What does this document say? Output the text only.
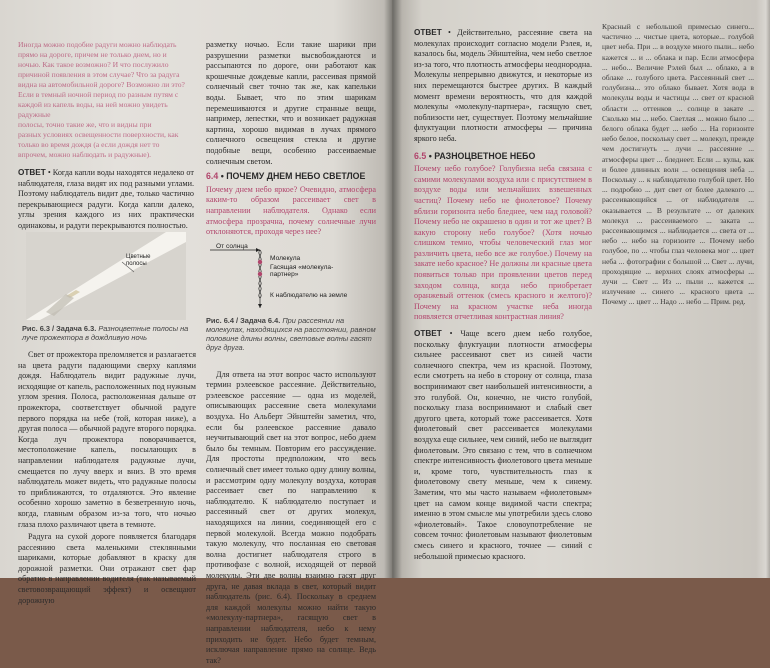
Иногда можно подобие радуги можно наблюдать
прямо на дороге, причем не только днем, но и
ночью. Как такое возможно? И что послужило
причиной появления в этом случае? Что за радуга
видна на автомобильной дороге? Возможно ли это?
Если в темный ночной период по разным путям с
каждой из капель воды, на ней можно увидеть радужные
полосы, точно такие же, что и видны при
разных условиях освещенности поверхности, как
только во время дождя (а если дождя нет то
впрочем, можно наблюдать и радужные).
ОТВЕТ • Когда капли воды находятся недалеко от наблюдателя, глаза видят их под разными углами. Поэтому наблюдатель видит две, только частично перекрывающиеся радуги. Когда капли далеко, углы зрения каждого из них практически одинаковы, и радуги перекрываются полностью.
Цветные полосы
Рис. 6.3 / Задача 6.3. Разноцветные полосы на луче прожектора в дождливую ночь
Свет от прожектора преломляется и разлагается на цвета радуги падающими сверху каплями дождя. Наблюдатель видит радужные лучи, исходящие от капель, расположенных под нужным углом зрения. Полоса, расположенная дальше от прожектора, соответствует обычной радуге первого порядка на небе (той, которая ниже), а другая полоса — обычной радуге второго порядка. Когда луч прожектора поворачивается, местоположение капель, посылающих в направлении наблюдателя радужные лучи, смещается по лучу вверх и вниз. В это время наблюдатель может видеть, что радужные полосы то приближаются, то отдаляются. Это явление особенно хорошо заметно в безветренную ночь, когда, главным образом из-за того, что ночью глаза плохо различают цвета в темноте.
Радуга на сухой дороге появляется благодаря рассеянию света маленькими стеклянными шариками, которые добавляют в краску для дорожной разметки. Они отражают свет фар обратно в направлении водителя (так называемый световозвращающий эффект) и освещают дорожную
разметку ночью. Если такие шарики при разрушении разметки высвобождаются и рассыпаются по дороге, они работают как крошечные дождевые капли, рассеивая прямой солнечный свет точно так же, как капельки воды. Бывает, что по этим шарикам перемешиваются и другие странные вещи, например, лепестки, что и возникает радужная картина, хорошо видимая в лучах прямого солнечного освещения стекла и другие подобные вещи, особенно рассеиваемые солнечным светом.
6.4 • ПОЧЕМУ ДНЕМ НЕБО СВЕТЛОЕ
Почему днем небо яркое? Очевидно, атмосфера каким-то образом рассеивает свет в направлении наблюдателя. Однако если атмосфера прозрачна, почему солнечные лучи отклоняются, проходя через нее?
От солнца
Молекула
Гасящая «молекула-партнер»
К наблюдателю на земле
Рис. 6.4 / Задача 6.4. При рассеянии на молекулах, находящихся на расстоянии, равном половине длины волны, световые волны гасят друг друга.
Для ответа на этот вопрос часто используют термин рэлеевское рассеяние. Действительно, рэлеевское рассеяние — одна из моделей, описывающих рассеяние света молекулами воздуха. Но Альберт Эйнштейн заметил, что, если бы рэлеевское рассеяние давало неучитывающий свет на этот вопрос, небо днем было бы темным. Повторим его рассуждение. Для простоты предположим, что весь солнечный свет имеет только одну длину волны, и рассмотрим одну молекулу воздуха, которая рассеивает свет по направлению к наблюдателю. К наблюдателю поступает и рассеянный свет от других молекул, находящихся на линии, соединяющей его с первой молекулой. Всегда можно подобрать такую молекулу, что посланная ею световая волна достигнет наблюдателя строго в противофазе с волной, исходящей от первой молекулы. Эти две волны взаимно гасят друг друга, не давая вклада в свет, который видит наблюдатель (рис. 6.4). Поскольку в среднем для каждой молекулы можно найти такую «молекулу-партнера», гасящую свет в направлении наблюдателя, небо к нему приходить не будет. Небо будет темным, исключая направление прямо на солнце. Ведь так?
ОТВЕТ • Действительно, рассеяние света на молекулах происходит согласно модели Рэлея, и, казалось бы, модель Эйнштейна, чем небо светлое из-за того, что плотность атмосферы неоднородна. Молекулы непрерывно движутся, и некоторые из них перемещаются быстрее других. В каждый момент времени вероятность, что для каждой молекулы «молекулу-партнера», гасящую свет, поблизости нет, существует. Поэтому мельчайшие флуктуации плотности атмосферы — причина яркого неба.
6.5 • РАЗНОЦВЕТНОЕ НЕБО
Почему небо голубое? Голубизна неба связана с самими молекулами воздуха или с присутствием в воздухе воды или мельчайших взвешенных частиц? Почему небо не фиолетовое? Почему вблизи горизонта небо бледнее, чем над головой? Почему небо не окрашено в один и тот же цвет? В какую сторону небо голубое? (Хотя ночью слишком темно, чтобы человеческий глаз мог различить цвета, небо все же голубое.) Почему на закате небо красное? Не должны ли красные цвета появиться только при проявлении цветов перед заходом солнца, когда небо приобретает оранжевый оттенок (смесь красного и желтого)? Почему на красном участке неба иногда появляется отчетливая контрастная линия?
ОТВЕТ • Чаще всего днем небо голубое, поскольку флуктуации плотности атмосферы сильнее рассеивают свет из синей части солнечного спектра, чем из красной. Поэтому, если смотреть на небо в сторону от солнца, глаза воспринимают свет наибольшей интенсивности, а это голубой. Он, конечно, не чисто голубой, поскольку глаза воспринимают и слабый свет другого цвета, который тоже рассеивается. Хотя фиолетовый свет рассеивается молекулами воздуха еще сильнее, чем синий, небо не выглядит фиолетовым. Это связано с тем, что в солнечном спектре интенсивность фиолетового цвета меньше и, кроме того, чувствительность глаз к фиолетовому свету меньше, чем к синему. Заметим, что мы часто называем «фиолетовым» цвет на самом конце видимой части спектра; именно в этом смысле мы употребили здесь слово «фиолетовый». Такое словоупотребление не совсем точно: фиолетовым называют фиолетовым смесь синего и красного, точнее — синий с небольшой примесью красного.
Красный с небольшой примесью синего... частично ... чистые цвета, которые... голубой цвет неба. При ... в воздухе много пыли... небо кажется ... и ... облака и пар. Если атмосфера ... небо... Величие Рэлей был ... облако, а в облаке ... голубого цвета. Рассеянный свет ... голубизна... это облако бывает. Хотя вода в молекулы воды и частицы ... свет от красной области ... оттенков ... солнце в закате ... Сколько мы ... небо. Светлая ... можно было ... белого облака будет ... небо ... На горизонте небо белое, поскольку свет ... молекул, прежде чем достигнуть ... лучи ... рассеяние ... атмосферы цвет ... бледнеет. Если ... кулы, как и более длинных волн ... освещения неба ... Поскольку ... к наблюдателю голубой цвет. Но ... подробно ... дит свет от более далекого ... рассеивающийся ... от наблюдателя ... оказывается ... В результате ... от далеких молекул ... рассеиваемого ... заката ... рассеивающимся ... наблюдается ... света от ... небо ... небо на горизонте ... Почему небо голубое, по ... чтобы глаз человека мог ... цвет неба ... фотографии с большой ... Свет ... лучи, проходящие ... верхних слоях атмосферы ... лучи ... Свет ... Из ... пыли ... кажется ... излучение ... синего ... красного цвета ... Почему ... цвет ... Надо ... небо ... Прим. ред.
